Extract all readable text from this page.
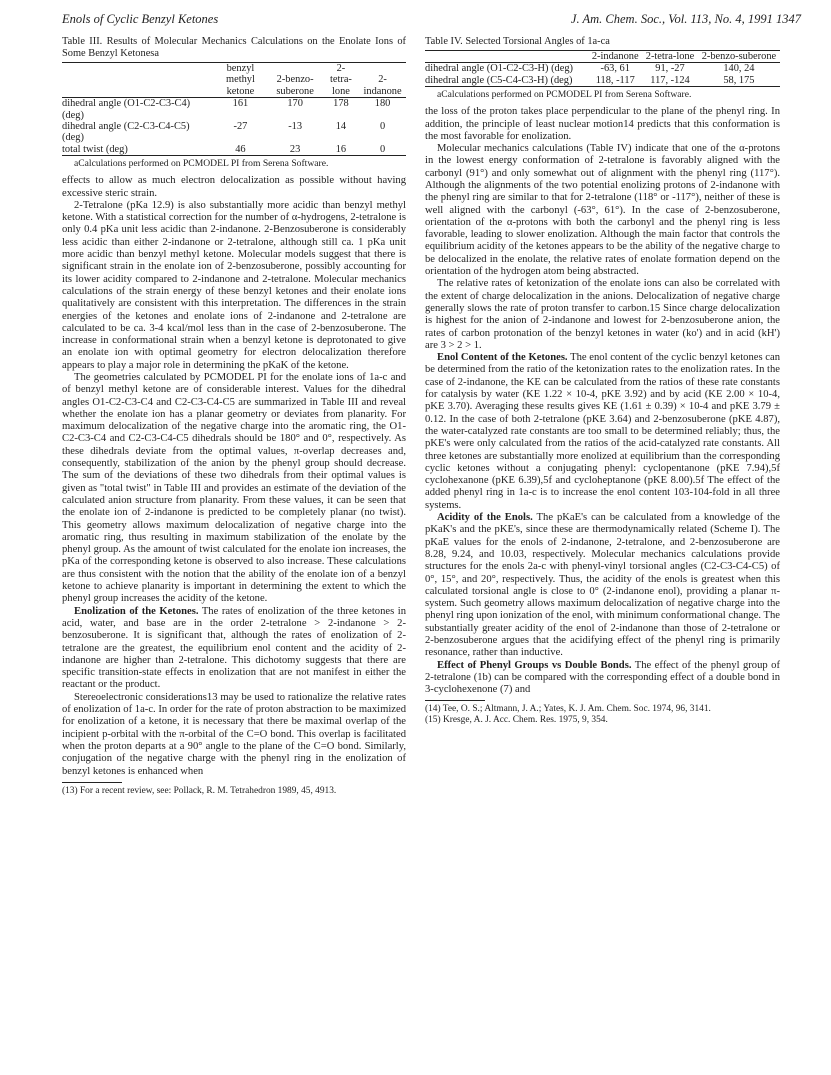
Enols of Cyclic Benzyl Ketones	J. Am. Chem. Soc., Vol. 113, No. 4, 1991 1347
Table III. Results of Molecular Mechanics Calculations on the Enolate Ions of Some Benzyl Ketonesa
	benzyl methyl ketone	2-benzo-suberone	2-tetra-lone	2-indanone

dihedral angle (O1-C2-C3-C4) (deg)	161	170	178	180
dihedral angle (C2-C3-C4-C5) (deg)	-27	-13	14	0
total twist (deg)	46	23	16	0
aCalculations performed on PCMODEL PI from Serena Software.

effects to allow as much electron delocalization as possible without having excessive steric strain.

2-Tetralone (pKa 12.9) is also substantially more acidic than benzyl methyl ketone. With a statistical correction for the number of α-hydrogens, 2-tetralone is only 0.4 pKa unit less acidic than 2-indanone. 2-Benzosuberone is considerably less acidic than either 2-indanone or 2-tetralone, although still ca. 1 pKa unit more acidic than benzyl methyl ketone. Molecular models suggest that there is significant strain in the enolate ion of 2-benzosuberone, possibly accounting for its lower acidity compared to 2-indanone and 2-tetralone. Molecular mechanics calculations of the strain energy of these benzyl ketones and their enolate ions qualitatively are consistent with this interpretation. The differences in the strain energies of the ketones and enolate ions of 2-indanone and 2-tetralone are calculated to be ca. 3-4 kcal/mol less than in the case of 2-benzosuberone. The increase in conformational strain when a benzyl ketone is deprotonated to give an enolate ion with optimal geometry for electron delocalization therefore appears to play a major role in determining the pKaK of the ketone.

The geometries calculated by PCMODEL PI for the enolate ions of 1a-c and of benzyl methyl ketone are of considerable interest. Values for the dihedral angles O1-C2-C3-C4 and C2-C3-C4-C5 are summarized in Table III and reveal whether the enolate ion has a planar geometry or deviates from planarity. For maximum delocalization of the negative charge into the aromatic ring, the O1-C2-C3-C4 and C2-C3-C4-C5 dihedrals should be 180° and 0°, respectively. As these dihedrals deviate from the optimal values, π-overlap decreases and, consequently, stabilization of the anion by the phenyl group should decrease. The sum of the deviations of these two dihedrals from their optimal values is given as "total twist" in Table III and provides an estimate of the deviation of the calculated anion structure from planarity. From these values, it can be seen that the enolate ion of 2-indanone is predicted to be completely planar (no twist). This geometry allows maximum delocalization of negative charge into the aromatic ring, thus resulting in maximum stabilization of the enolate by the phenyl group. As the amount of twist calculated for the enolate ion increases, the pKa of the corresponding ketone is observed to also increase. These calculations are thus consistent with the notion that the ability of the enolate ion of a benzyl ketone to achieve planarity is important in determining the extent to which the phenyl group increases the acidity of the ketone.

Enolization of the Ketones. The rates of enolization of the three ketones in acid, water, and base are in the order 2-tetralone > 2-indanone > 2-benzosuberone. It is significant that, although the rates of enolization of 2-tetralone are the greatest, the equilibrium enol content and the acidity of 2-indanone are higher than 2-tetralone. This dichotomy suggests that there are specific transition-state effects in enolization that are not manifest in either the reactant or the product.

Stereoelectronic considerations13 may be used to rationalize the relative rates of enolization of 1a-c. In order for the rate of proton abstraction to be maximized for enolization of a ketone, it is necessary that there be maximal overlap of the incipient p-orbital with the π-orbital of the C=O bond. This overlap is facilitated when the proton departs at a 90° angle to the plane of the C=O bond. Similarly, conjugation of the negative charge with the phenyl ring in the enolization of benzyl ketones is enhanced when

(13) For a recent review, see: Pollack, R. M. Tetrahedron 1989, 45, 4913.
Table IV. Selected Torsional Angles of 1a-ca
	2-indanone	2-tetra-lone	2-benzo-suberone

dihedral angle (O1-C2-C3-H) (deg)	-63, 61	91, -27	140, 24
dihedral angle (C5-C4-C3-H) (deg)	118, -117	117, -124	58, 175
aCalculations performed on PCMODEL PI from Serena Software.

the loss of the proton takes place perpendicular to the plane of the phenyl ring. In addition, the principle of least nuclear motion14 predicts that this conformation is the most favorable for enolization.

Molecular mechanics calculations (Table IV) indicate that one of the α-protons in the lowest energy conformation of 2-tetralone is favorably aligned with the carbonyl (91°) and only somewhat out of alignment with the phenyl ring (117°). Although the alignments of the two potential enolizing protons of 2-indanone with the phenyl ring are similar to that for 2-tetralone (118° or -117°), neither of these is well aligned with the carbonyl (-63°, 61°). In the case of 2-benzosuberone, orientation of the α-protons with both the carbonyl and the phenyl ring is less favorable, leading to slower enolization. Although the main factor that controls the equilibrium acidity of the ketones appears to be the ability of the negative charge to be delocalized in the enolate, the relative rates of enolate formation depend on the orientation of the hydrogen atom being abstracted.

The relative rates of ketonization of the enolate ions can also be correlated with the extent of charge delocalization in the anions. Delocalization of negative charge generally slows the rate of proton transfer to carbon.15 Since charge delocalization is highest for the anion of 2-indanone and lowest for 2-benzosuberone anion, the rates of carbon protonation of the benzyl ketones in water (ko') and in acid (kH') are 3 > 2 > 1.

Enol Content of the Ketones. The enol content of the cyclic benzyl ketones can be determined from the ratio of the ketonization rates to the enolization rates. In the case of 2-indanone, the KE can be calculated from the ratios of these rate constants for catalysis by water (KE 1.22 × 10-4, pKE 3.92) and by acid (KE 2.00 × 10-4, pKE 3.70). Averaging these results gives KE (1.61 ± 0.39) × 10-4 and pKE 3.79 ± 0.12. In the case of both 2-tetralone (pKE 3.64) and 2-benzosuberone (pKE 4.87), the water-catalyzed rate constants are too small to be determined reliably; thus, the pKE's were only calculated from the ratios of the acid-catalyzed rate constants. All three ketones are substantially more enolized at equilibrium than the corresponding cyclic ketones without a conjugating phenyl: cyclopentanone (pKE 7.94),5f cyclohexanone (pKE 6.39),5f and cycloheptanone (pKE 8.00).5f The effect of the added phenyl ring in 1a-c is to increase the enol content 103-104-fold in all three systems.

Acidity of the Enols. The pKaE's can be calculated from a knowledge of the pKaK's and the pKE's, since these are thermodynamically related (Scheme I). The pKaE values for the enols of 2-indanone, 2-tetralone, and 2-benzosuberone are 8.28, 9.24, and 10.03, respectively. Molecular mechanics calculations provide structures for the enols 2a-c with phenyl-vinyl torsional angles (C2-C3-C4-C5) of 0°, 15°, and 20°, respectively. Thus, the acidity of the enols is greatest when this calculated torsional angle is close to 0° (2-indanone enol), providing a planar π-system. Such geometry allows maximum delocalization of negative charge into the phenyl ring upon ionization of the enol, with minimum conformational change. The substantially greater acidity of the enol of 2-indanone than those of 2-tetralone or 2-benzosuberone argues that the acidifying effect of the phenyl ring is primarily resonance, rather than inductive.

Effect of Phenyl Groups vs Double Bonds. The effect of the phenyl group of 2-tetralone (1b) can be compared with the corresponding effect of a double bond in 3-cyclohexenone (7) and

(14) Tee, O. S.; Altmann, J. A.; Yates, K. J. Am. Chem. Soc. 1974, 96, 3141.
(15) Kresge, A. J. Acc. Chem. Res. 1975, 9, 354.
